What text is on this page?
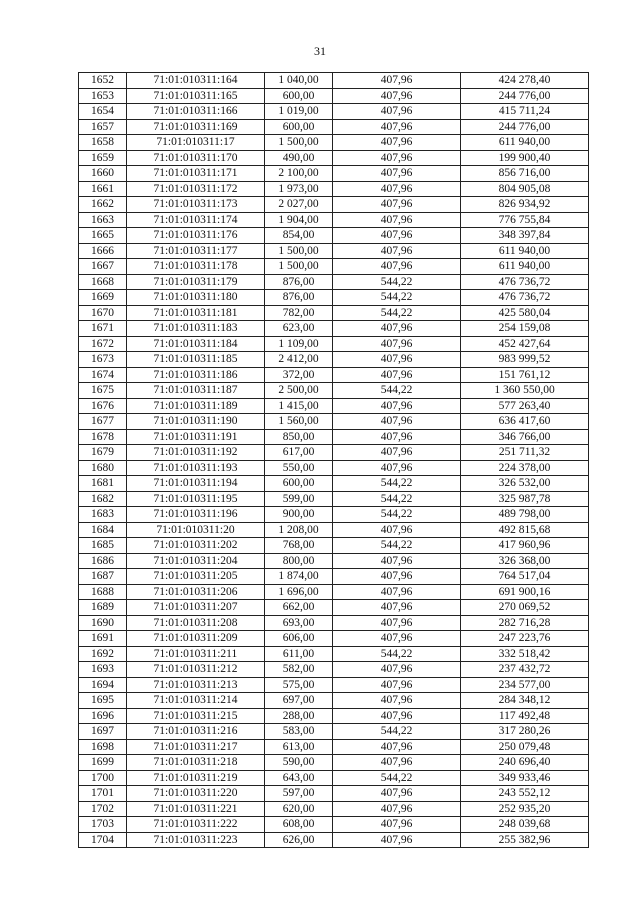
31
1652	71:01:010311:164	1 040,00	407,96	424 278,40
1653	71:01:010311:165	600,00	407,96	244 776,00
1654	71:01:010311:166	1 019,00	407,96	415 711,24
1657	71:01:010311:169	600,00	407,96	244 776,00
1658	71:01:010311:17	1 500,00	407,96	611 940,00
1659	71:01:010311:170	490,00	407,96	199 900,40
1660	71:01:010311:171	2 100,00	407,96	856 716,00
1661	71:01:010311:172	1 973,00	407,96	804 905,08
1662	71:01:010311:173	2 027,00	407,96	826 934,92
1663	71:01:010311:174	1 904,00	407,96	776 755,84
1665	71:01:010311:176	854,00	407,96	348 397,84
1666	71:01:010311:177	1 500,00	407,96	611 940,00
1667	71:01:010311:178	1 500,00	407,96	611 940,00
1668	71:01:010311:179	876,00	544,22	476 736,72
1669	71:01:010311:180	876,00	544,22	476 736,72
1670	71:01:010311:181	782,00	544,22	425 580,04
1671	71:01:010311:183	623,00	407,96	254 159,08
1672	71:01:010311:184	1 109,00	407,96	452 427,64
1673	71:01:010311:185	2 412,00	407,96	983 999,52
1674	71:01:010311:186	372,00	407,96	151 761,12
1675	71:01:010311:187	2 500,00	544,22	1 360 550,00
1676	71:01:010311:189	1 415,00	407,96	577 263,40
1677	71:01:010311:190	1 560,00	407,96	636 417,60
1678	71:01:010311:191	850,00	407,96	346 766,00
1679	71:01:010311:192	617,00	407,96	251 711,32
1680	71:01:010311:193	550,00	407,96	224 378,00
1681	71:01:010311:194	600,00	544,22	326 532,00
1682	71:01:010311:195	599,00	544,22	325 987,78
1683	71:01:010311:196	900,00	544,22	489 798,00
1684	71:01:010311:20	1 208,00	407,96	492 815,68
1685	71:01:010311:202	768,00	544,22	417 960,96
1686	71:01:010311:204	800,00	407,96	326 368,00
1687	71:01:010311:205	1 874,00	407,96	764 517,04
1688	71:01:010311:206	1 696,00	407,96	691 900,16
1689	71:01:010311:207	662,00	407,96	270 069,52
1690	71:01:010311:208	693,00	407,96	282 716,28
1691	71:01:010311:209	606,00	407,96	247 223,76
1692	71:01:010311:211	611,00	544,22	332 518,42
1693	71:01:010311:212	582,00	407,96	237 432,72
1694	71:01:010311:213	575,00	407,96	234 577,00
1695	71:01:010311:214	697,00	407,96	284 348,12
1696	71:01:010311:215	288,00	407,96	117 492,48
1697	71:01:010311:216	583,00	544,22	317 280,26
1698	71:01:010311:217	613,00	407,96	250 079,48
1699	71:01:010311:218	590,00	407,96	240 696,40
1700	71:01:010311:219	643,00	544,22	349 933,46
1701	71:01:010311:220	597,00	407,96	243 552,12
1702	71:01:010311:221	620,00	407,96	252 935,20
1703	71:01:010311:222	608,00	407,96	248 039,68
1704	71:01:010311:223	626,00	407,96	255 382,96
